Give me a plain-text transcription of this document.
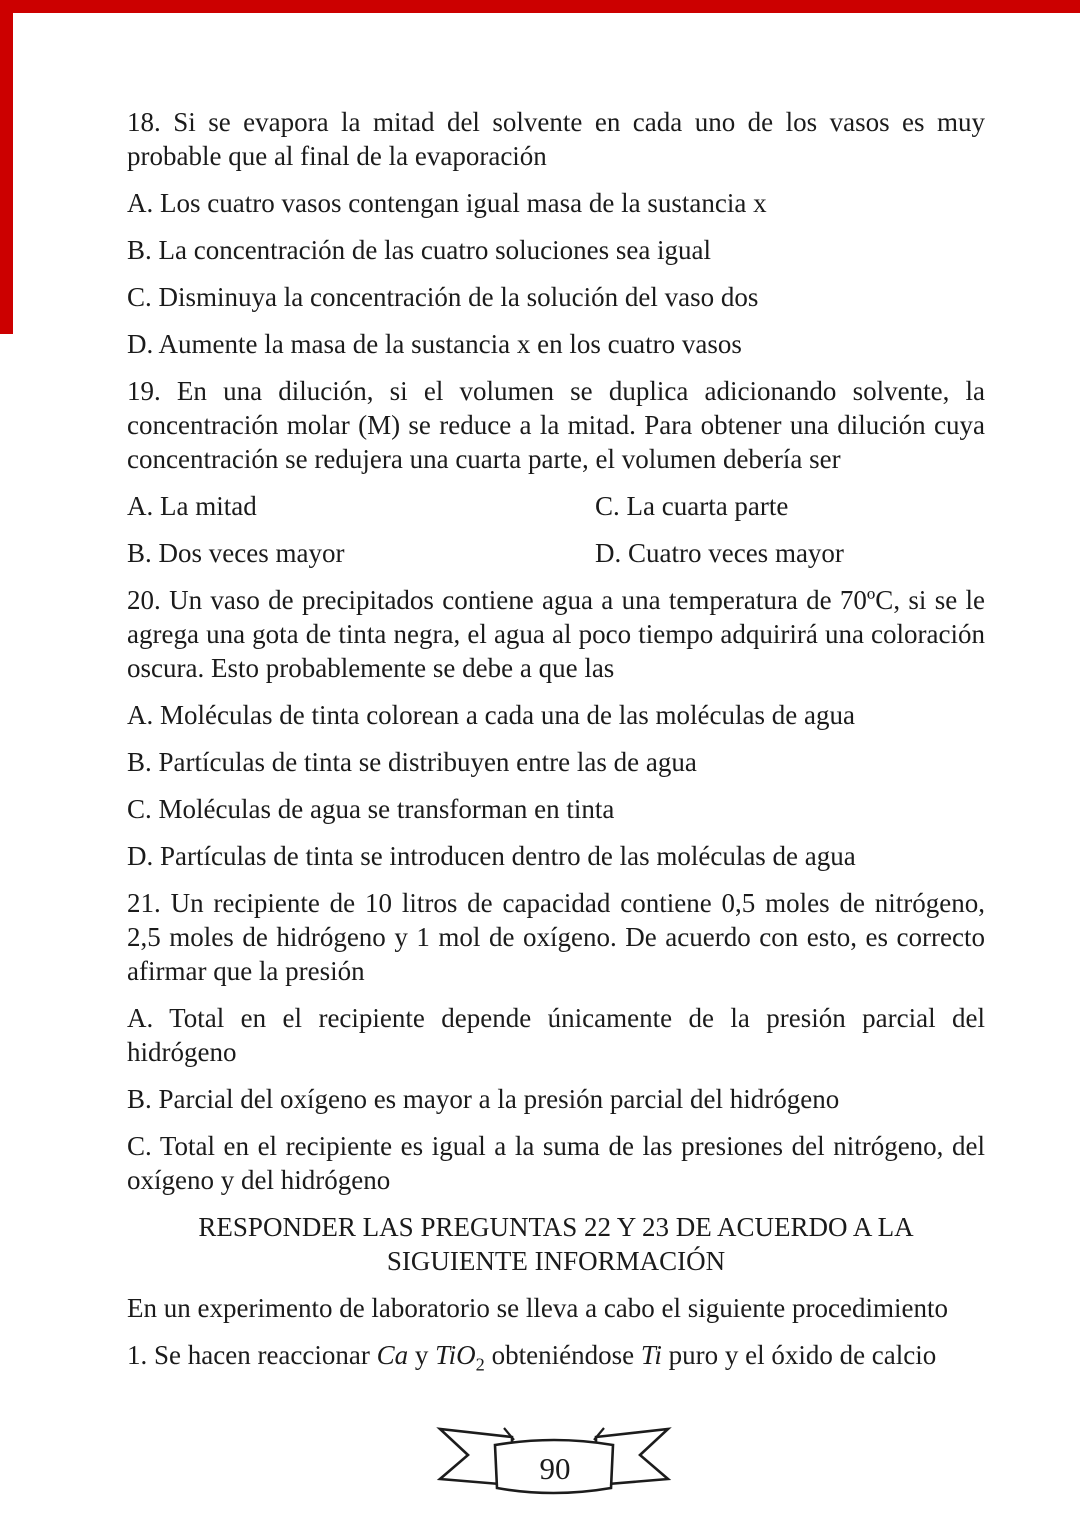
18. Si se evapora la mitad del solvente en cada uno de los vasos es muy probable que al final de la evaporación

A. Los cuatro vasos contengan igual masa de la sustancia x

B. La concentración de las cuatro soluciones sea igual

C. Disminuya la concentración de la solución del vaso dos

D. Aumente la masa de la sustancia x en los cuatro vasos

19. En una dilución, si el volumen se duplica adicionando solvente, la concentración molar (M) se reduce a la mitad. Para obtener una dilución cuya concentración se redujera una cuarta parte, el volumen debería ser

A. La mitad	C. La cuarta parte

B. Dos veces mayor	D. Cuatro veces mayor

20. Un vaso de precipitados contiene agua a una temperatura de 70ºC, si se le agrega una gota de tinta negra, el agua al poco tiempo adquirirá una coloración oscura. Esto probablemente se debe a que las

A. Moléculas de tinta colorean a cada una de las moléculas de agua

B. Partículas de tinta se distribuyen entre las de agua

C. Moléculas de agua se transforman en tinta

D. Partículas de tinta se introducen dentro de las moléculas de agua

21. Un recipiente de 10 litros de capacidad contiene 0,5 moles de nitrógeno, 2,5 moles de hidrógeno y 1 mol de oxígeno. De acuerdo con esto, es correcto afirmar que la presión

A. Total en el recipiente depende únicamente de la presión parcial del hidrógeno

B. Parcial del oxígeno es mayor a la presión parcial del hidrógeno

C. Total en el recipiente es igual a la suma de las presiones del nitrógeno, del oxígeno y del hidrógeno

RESPONDER LAS PREGUNTAS 22 Y 23 DE ACUERDO A LA
SIGUIENTE INFORMACIÓN

En un experimento de laboratorio se lleva a cabo el siguiente procedimiento

1. Se hacen reaccionar Ca y TiO$_2$ obteniéndose Ti puro y el óxido de calcio

90
